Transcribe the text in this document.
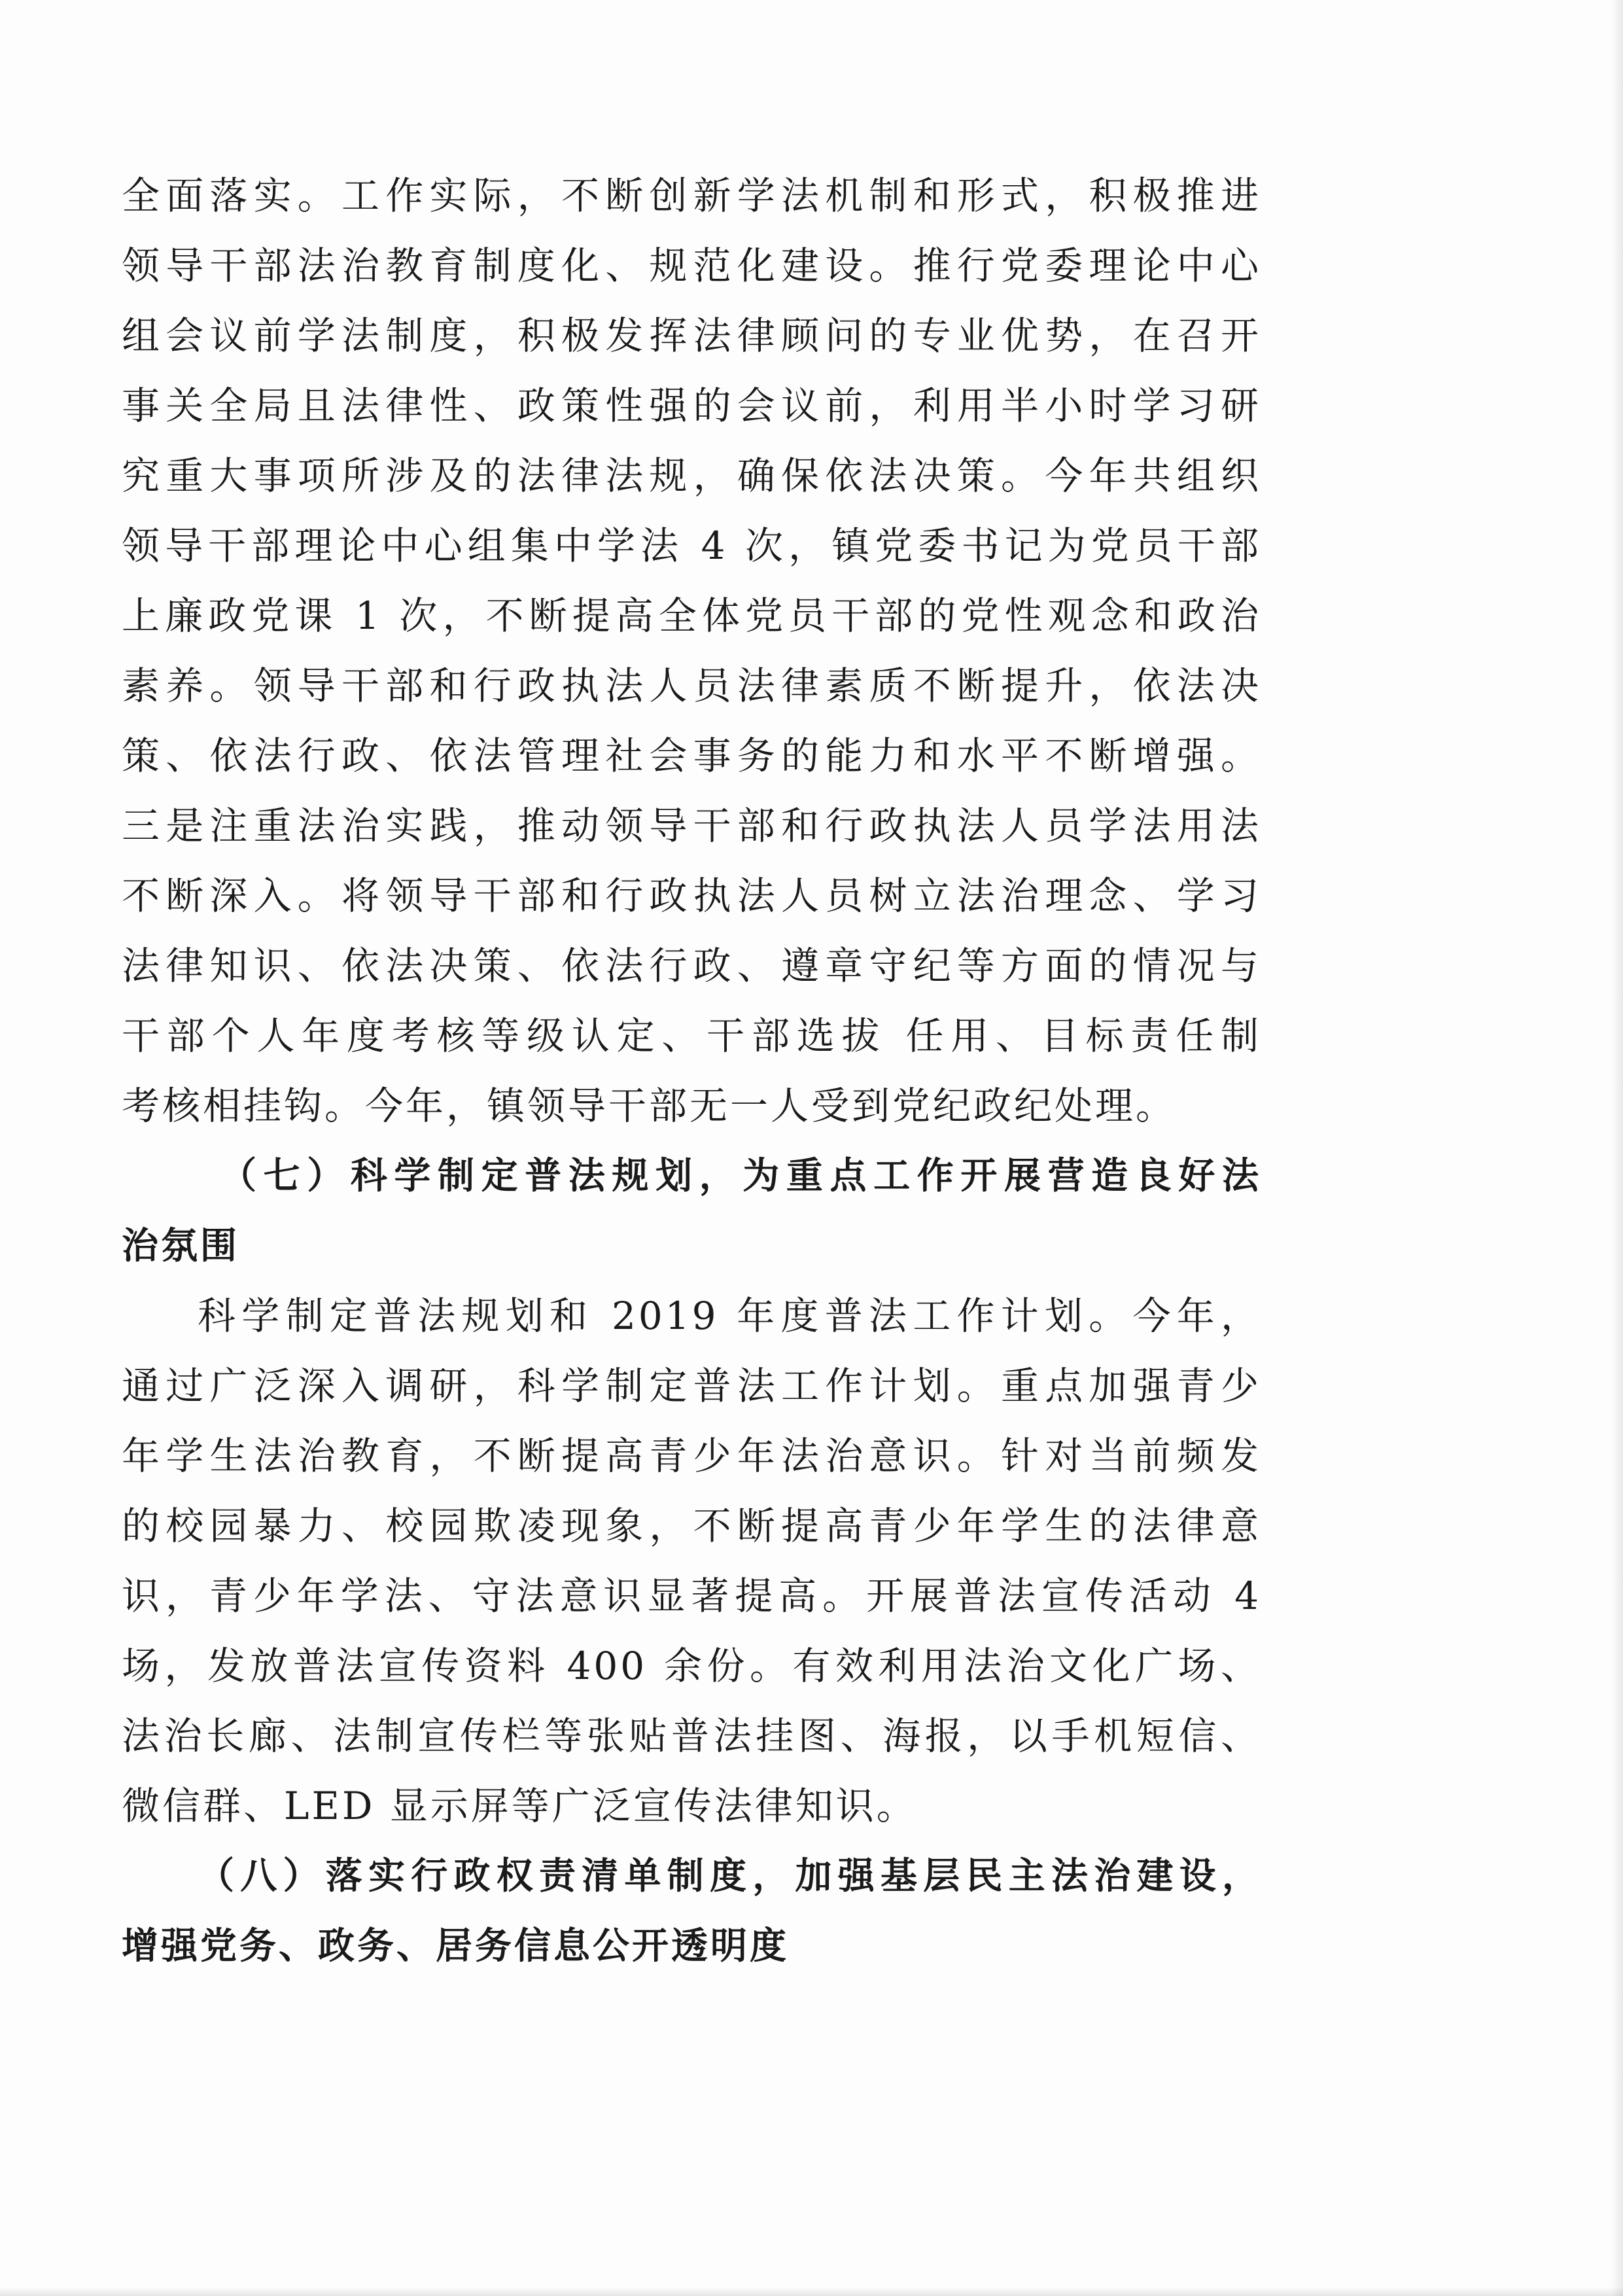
全面落实。工作实际，不断创新学法机制和形式，积极推进
领导干部法治教育制度化、规范化建设。推行党委理论中心
组会议前学法制度，积极发挥法律顾问的专业优势，在召开
事关全局且法律性、政策性强的会议前，利用半小时学习研
究重大事项所涉及的法律法规，确保依法决策。今年共组织
领导干部理论中心组集中学法 4 次，镇党委书记为党员干部
上廉政党课 1 次，不断提高全体党员干部的党性观念和政治
素养。领导干部和行政执法人员法律素质不断提升，依法决
策、依法行政、依法管理社会事务的能力和水平不断增强。
三是注重法治实践，推动领导干部和行政执法人员学法用法
不断深入。将领导干部和行政执法人员树立法治理念、学习
法律知识、依法决策、依法行政、遵章守纪等方面的情况与
干部个人年度考核等级认定、干部选拔 任用、目标责任制
考核相挂钩。今年，镇领导干部无一人受到党纪政纪处理。
（七）科学制定普法规划，为重点工作开展营造良好法
治氛围
科学制定普法规划和 2019 年度普法工作计划。今年，
通过广泛深入调研，科学制定普法工作计划。重点加强青少
年学生法治教育，不断提高青少年法治意识。针对当前频发
的校园暴力、校园欺凌现象，不断提高青少年学生的法律意
识，青少年学法、守法意识显著提高。开展普法宣传活动 4
场，发放普法宣传资料 400 余份。有效利用法治文化广场、
法治长廊、法制宣传栏等张贴普法挂图、海报，以手机短信、
微信群、LED 显示屏等广泛宣传法律知识。
（八）落实行政权责清单制度，加强基层民主法治建设，
增强党务、政务、居务信息公开透明度
